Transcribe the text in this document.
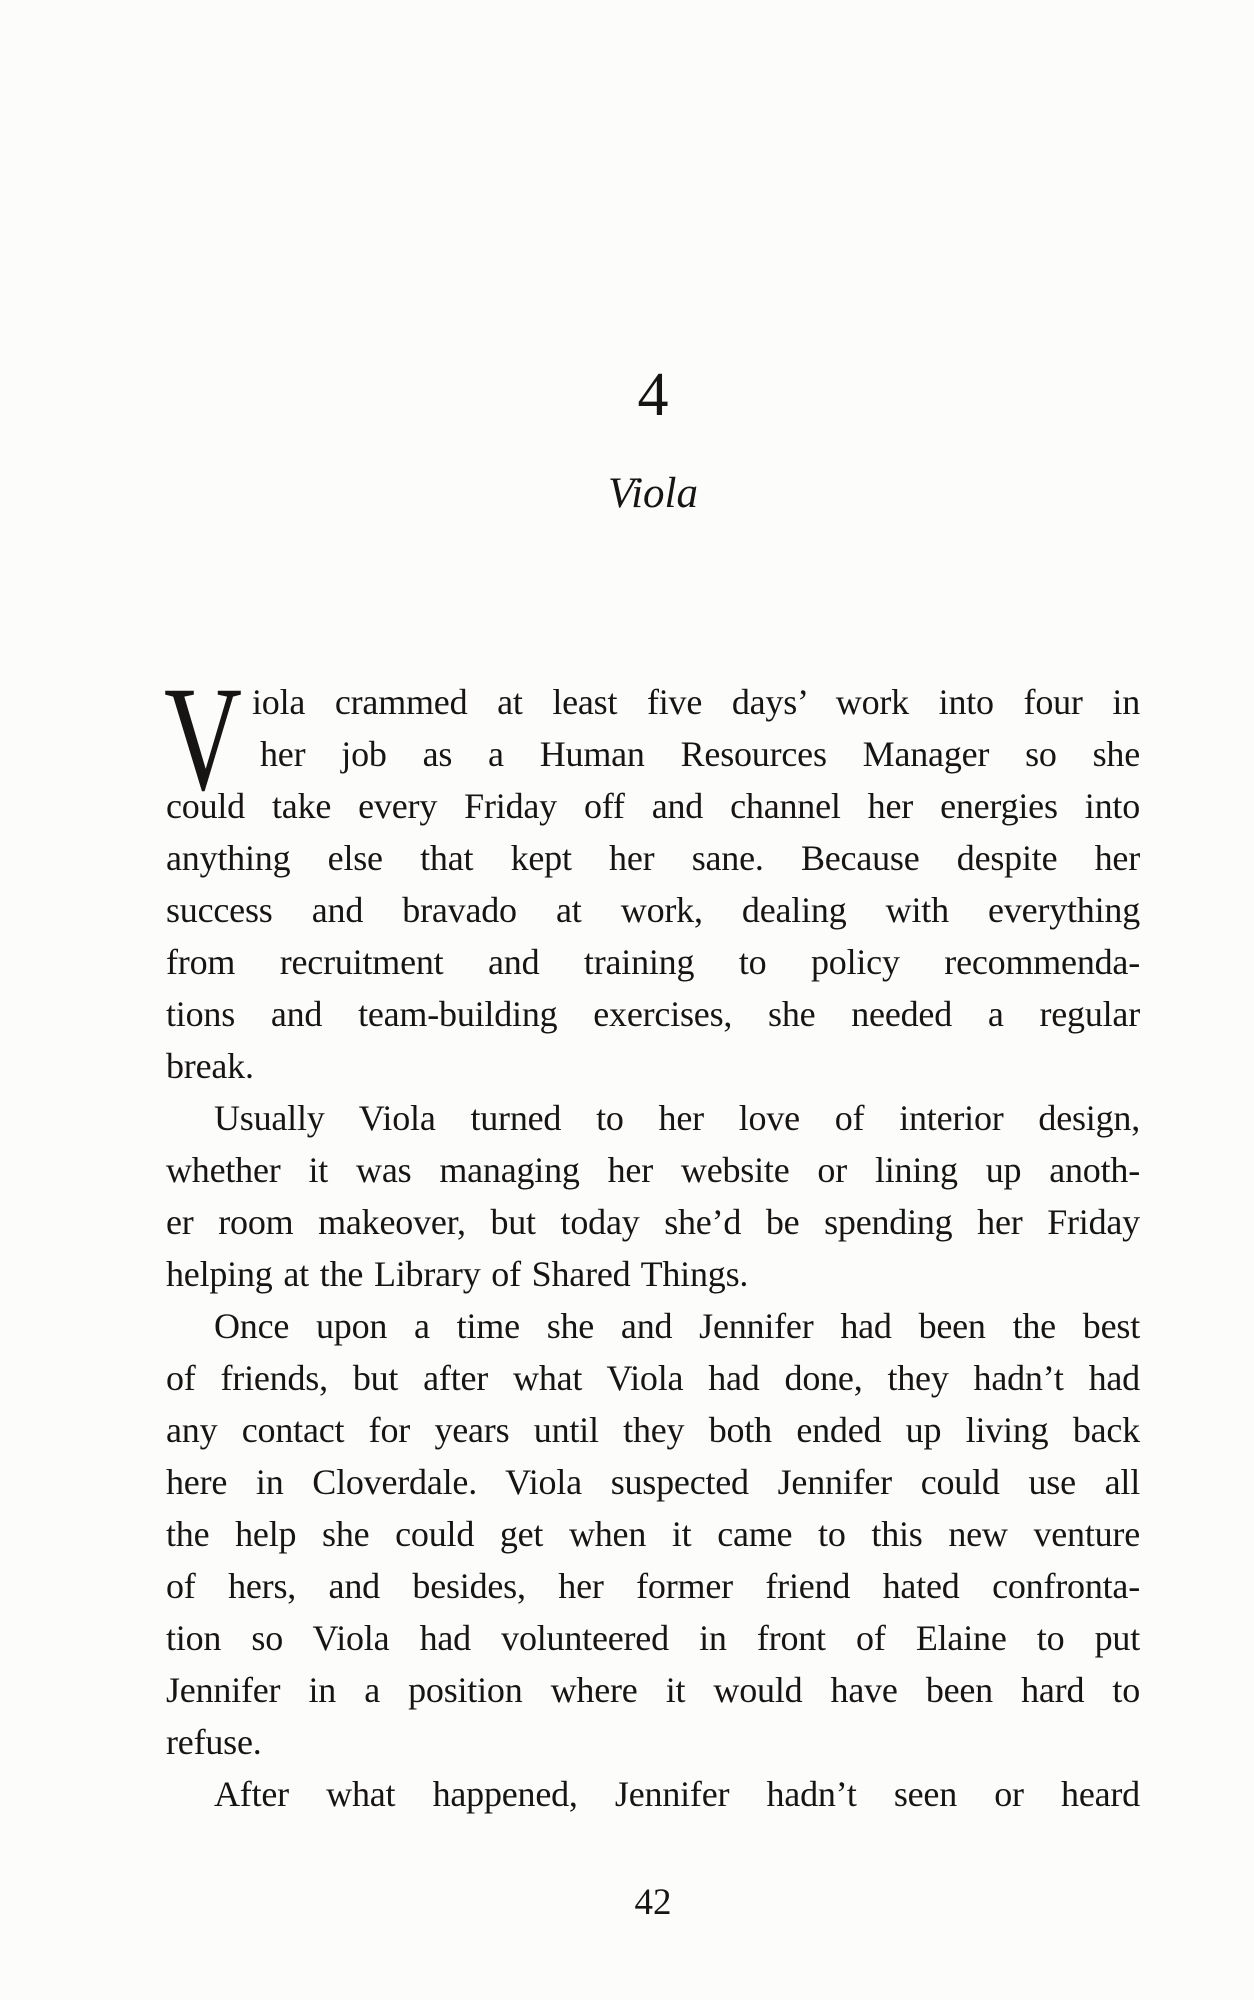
4
Viola
V iola crammed at least five days’ work into four in
her job as a Human Resources Manager so she
could take every Friday off and channel her energies into
anything else that kept her sane. Because despite her
success and bravado at work, dealing with everything
from recruitment and training to policy recommenda-
tions and team-building exercises, she needed a regular
break.
Usually Viola turned to her love of interior design,
whether it was managing her website or lining up anoth-
er room makeover, but today she’d be spending her Friday
helping at the Library of Shared Things.
Once upon a time she and Jennifer had been the best
of friends, but after what Viola had done, they hadn’t had
any contact for years until they both ended up living back
here in Cloverdale. Viola suspected Jennifer could use all
the help she could get when it came to this new venture
of hers, and besides, her former friend hated confronta-
tion so Viola had volunteered in front of Elaine to put
Jennifer in a position where it would have been hard to
refuse.
After what happened, Jennifer hadn’t seen or heard
42
